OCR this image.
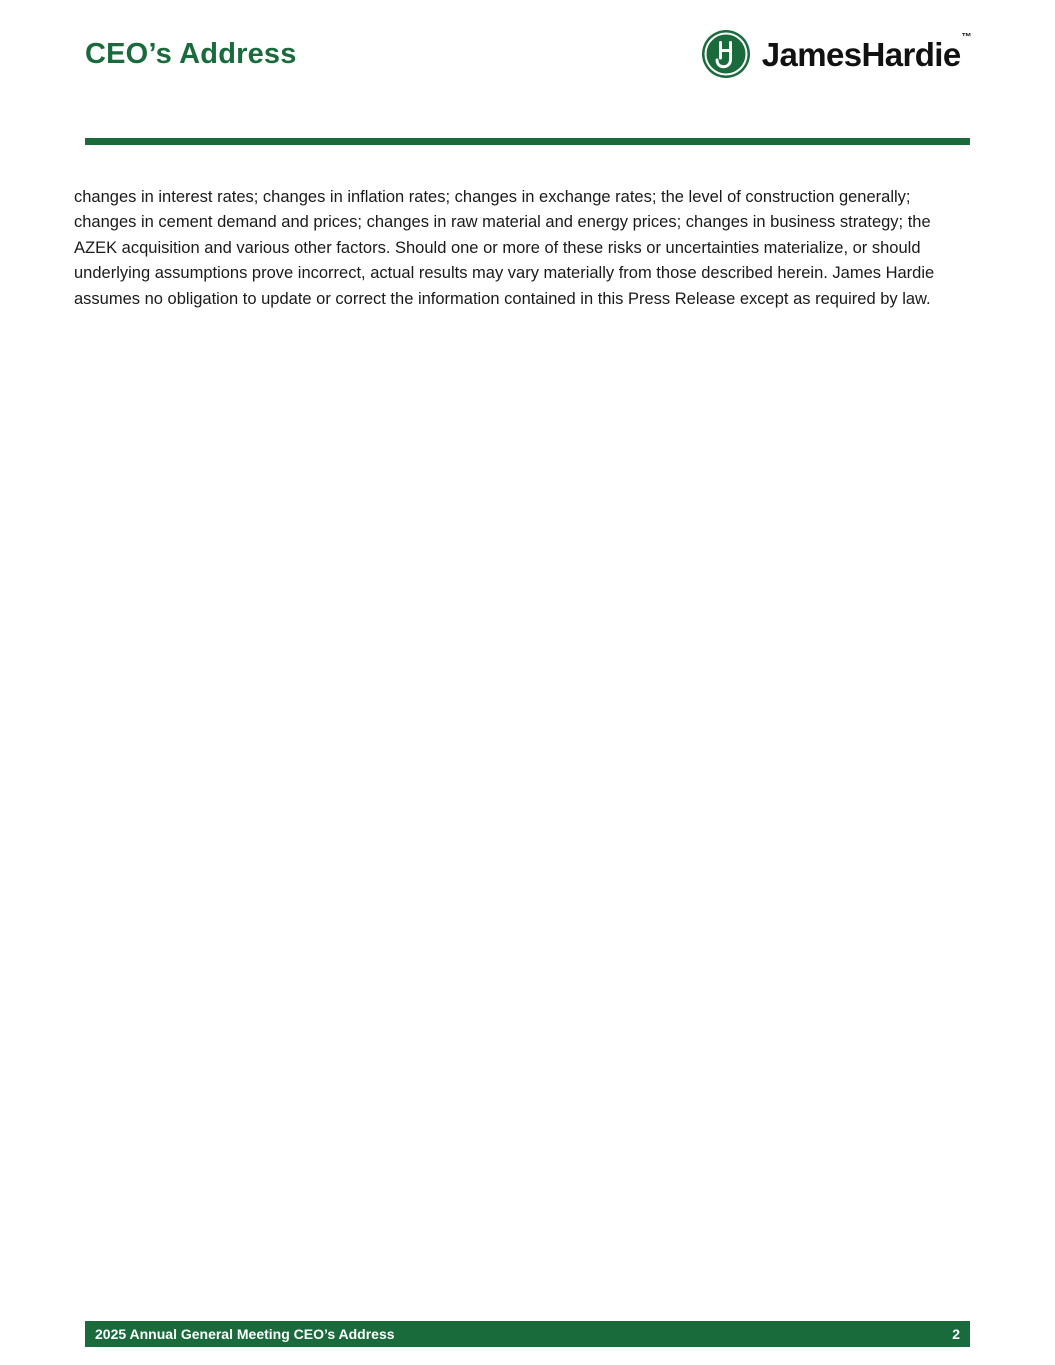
CEO’s Address	JamesHardie™

changes in interest rates; changes in inflation rates; changes in exchange rates; the level of construction generally; changes in cement demand and prices; changes in raw material and energy prices; changes in business strategy; the AZEK acquisition and various other factors. Should one or more of these risks or uncertainties materialize, or should underlying assumptions prove incorrect, actual results may vary materially from those described herein. James Hardie assumes no obligation to update or correct the information contained in this Press Release except as required by law.

2025 Annual General Meeting CEO’s Address	2
